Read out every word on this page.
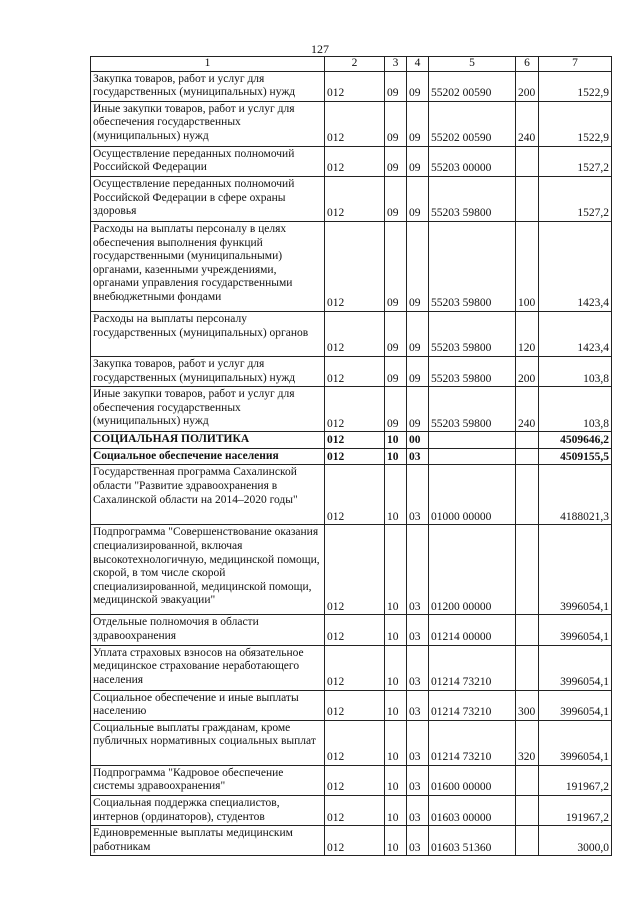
127
1	2	3	4	5	6	7
Закупка товаров, работ и услуг для государственных (муниципальных) нужд	012	09	09	55202 00590	200	1522,9
Иные закупки товаров, работ и услуг для обеспечения государственных (муниципальных) нужд	012	09	09	55202 00590	240	1522,9
Осуществление переданных полномочий Российской Федерации	012	09	09	55203 00000		1527,2
Осуществление переданных полномочий Российской Федерации в сфере охраны здоровья	012	09	09	55203 59800		1527,2
Расходы на выплаты персоналу в целях обеспечения выполнения функций государственными (муниципальными) органами, казенными учреждениями, органами управления государственными внебюджетными фондами	012	09	09	55203 59800	100	1423,4
Расходы на выплаты персоналу государственных (муниципальных) органов	012	09	09	55203 59800	120	1423,4
Закупка товаров, работ и услуг для государственных (муниципальных) нужд	012	09	09	55203 59800	200	103,8
Иные закупки товаров, работ и услуг для обеспечения государственных (муниципальных) нужд	012	09	09	55203 59800	240	103,8
СОЦИАЛЬНАЯ ПОЛИТИКА	012	10	00			4509646,2
Социальное обеспечение населения	012	10	03			4509155,5
Государственная программа Сахалинской области "Развитие здравоохранения в Сахалинской области на 2014–2020 годы"	012	10	03	01000 00000		4188021,3
Подпрограмма "Совершенствование оказания специализированной, включая высокотехнологичную, медицинской помощи, скорой, в том числе скорой специализированной, медицинской помощи, медицинской эвакуации"	012	10	03	01200 00000		3996054,1
Отдельные полномочия в области здравоохранения	012	10	03	01214 00000		3996054,1
Уплата страховых взносов на обязательное медицинское страхование неработающего населения	012	10	03	01214 73210		3996054,1
Социальное обеспечение и иные выплаты населению	012	10	03	01214 73210	300	3996054,1
Социальные выплаты гражданам, кроме публичных нормативных социальных выплат	012	10	03	01214 73210	320	3996054,1
Подпрограмма "Кадровое обеспечение системы здравоохранения"	012	10	03	01600 00000		191967,2
Социальная поддержка специалистов, интернов (ординаторов), студентов	012	10	03	01603 00000		191967,2
Единовременные выплаты медицинским работникам	012	10	03	01603 51360		3000,0
